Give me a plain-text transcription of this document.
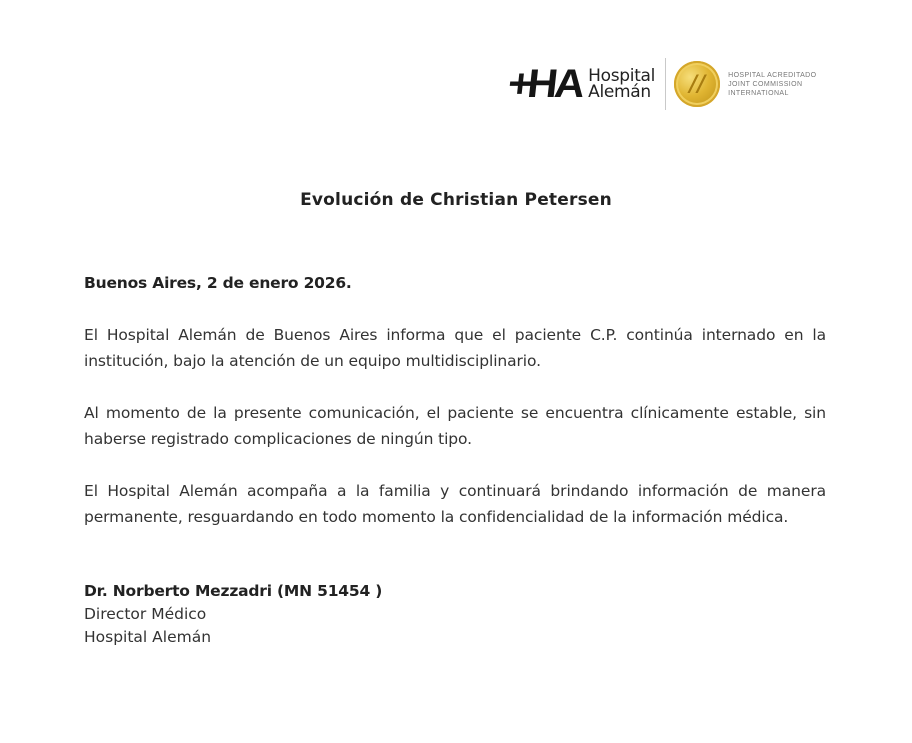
+
HA Hospital
Alemán	//	HOSPITAL ACREDITADO
JOINT COMMISSION
INTERNATIONAL
Evolución de Christian Petersen

Buenos Aires, 2 de enero 2026.

El Hospital Alemán de Buenos Aires informa que el paciente C.P. continúa internado en la institución, bajo la atención de un equipo multidisciplinario.

Al momento de la presente comunicación, el paciente se encuentra clínicamente estable, sin haberse registrado complicaciones de ningún tipo.

El Hospital Alemán acompaña a la familia y continuará brindando información de manera permanente, resguardando en todo momento la confidencialidad de la información médica.

Dr. Norberto Mezzadri (MN 51454 )
Director Médico
Hospital Alemán
